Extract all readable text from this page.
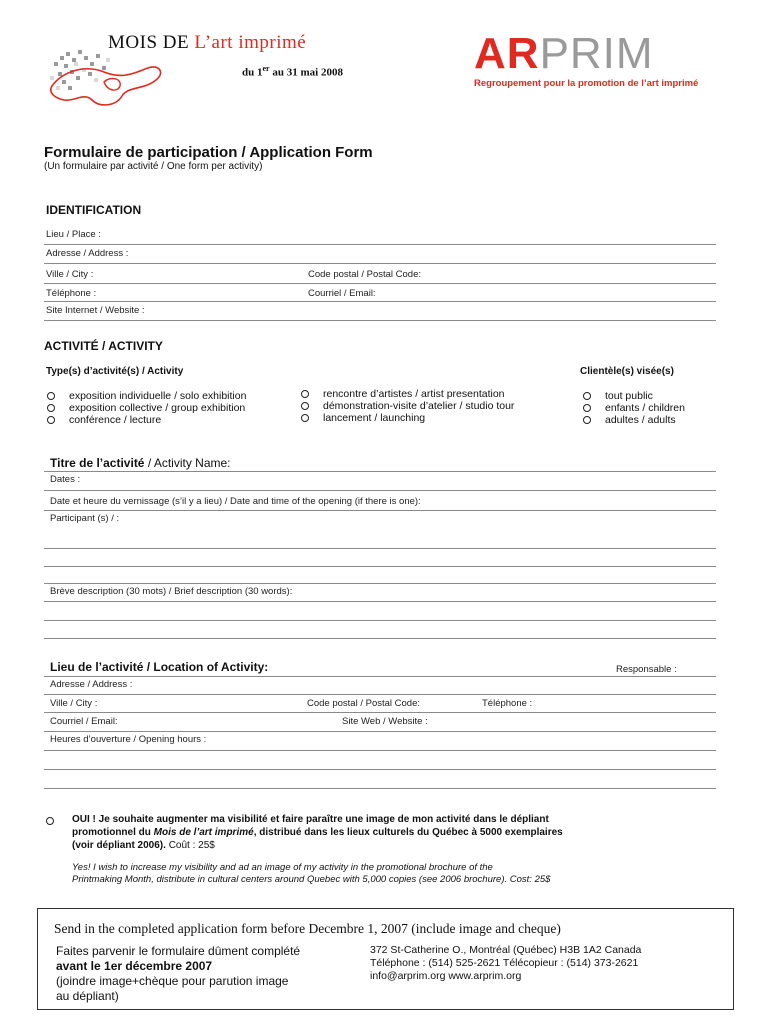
MOIS DE L’art imprimé
du 1er au 31 mai 2008	ARPRIM
Regroupement pour la promotion de l’art imprimé
Formulaire de participation / Application Form
(Un formulaire par activité / One form per activity)
IDENTIFICATION
Lieu / Place :
Adresse / Address :
Ville / City :	Code postal / Postal Code:
Téléphone :	Courriel / Email:
Site Internet / Website :
ACTIVITÉ / ACTIVITY
Type(s) d’activité(s) / Activity	Clientèle(s) visée(s)
exposition individuelle / solo exhibition
exposition collective / group exhibition
conférence / lecture
rencontre d’artistes / artist presentation
démonstration-visite d’atelier / studio tour
lancement / launching
tout public
enfants / children
adultes / adults
Titre de l’activité / Activity Name:
Dates :
Date et heure du vernissage (s’il y a lieu) / Date and time of the opening (if there is one):
Participant (s) / :
Brève description (30 mots) / Brief description (30 words):
Lieu de l’activité / Location of Activity:	Responsable :
Adresse / Address :
Ville / City :	Code postal / Postal Code:	Téléphone :
Courriel / Email:	Site Web / Website :
Heures d’ouverture / Opening hours :
OUI ! Je souhaite augmenter ma visibilité et faire paraître une image de mon activité dans le dépliant
promotionnel du Mois de l’art imprimé, distribué dans les lieux culturels du Québec à 5000 exemplaires
(voir dépliant 2006). Coût : 25$
Yes! I wish to increase my visibility and ad an image of my activity in the promotional brochure of the
Printmaking Month, distribute in cultural centers around Quebec with 5,000 copies (see 2006 brochure). Cost: 25$
Send in the completed application form before Decembre 1, 2007 (include image and cheque)
Faites parvenir le formulaire dûment complété
avant le 1er décembre 2007
(joindre image+chèque pour parution image
au dépliant)
372 St-Catherine O., Montréal (Québec) H3B 1A2 Canada
Téléphone : (514) 525-2621 Télécopieur : (514) 373-2621
info@arprim.org www.arprim.org
